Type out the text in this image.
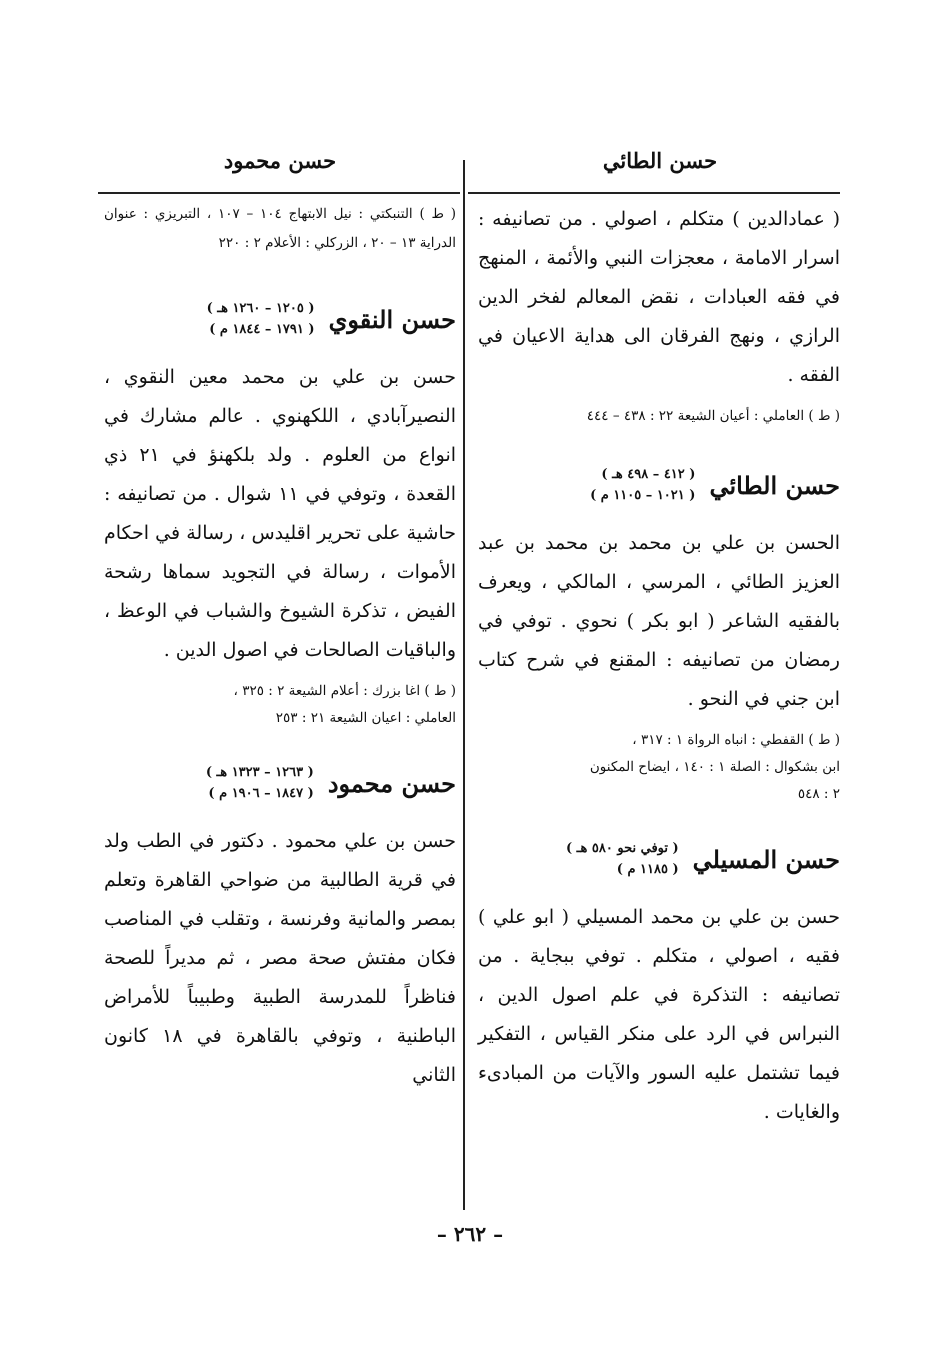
حسن الطائي
حسن محمود

( عمادالدين ) متكلم ، اصولي . من تصانيفه : اسرار الامامة ، معجزات النبي والأئمة ، المنهج في فقه العبادات ، نقض المعالم لفخر الدين الرازي ، ونهج الفرقان الى هداية الاعيان في الفقه .

( ط ) العاملي : أعيان الشيعة ٢٢ : ٤٣٨ – ٤٤٤

حسن الطائي
( ٤١٢ – ٤٩٨ هـ )
( ١٠٢١ – ١١٠٥ م )

الحسن بن علي بن محمد بن محمد بن عبد العزيز الطائي ، المرسي ، المالكي ، ويعرف بالفقيه الشاعر ( ابو بكر ) نحوي . توفي في رمضان من تصانيفه : المقنع في شرح كتاب ابن جني في النحو .

( ط ) القفطي : انباه الرواة ١ : ٣١٧ ،
ابن بشكوال : الصلة ١ : ١٤٠ ، ايضاح المكنون
٢ : ٥٤٨
حسن المسيلي
( توفي نحو ٥٨٠ هـ )
( ١١٨٥ م )

حسن بن علي بن محمد المسيلي ( ابو علي ) فقيه ، اصولي ، متكلم . توفي ببجاية . من تصانيفه : التذكرة في علم اصول الدين ، النبراس في الرد على منكر القياس ، التفكير فيما تشتمل عليه السور والآيات من المبادىء والغايات .

( ط ) التنبكتي : نيل الابتهاج ١٠٤ – ١٠٧ ، التبريزي : عنوان الدراية ١٣ – ٢٠ ، الزركلي : الأعلام ٢ : ٢٢٠

حسن النقوي
( ١٢٠٥ – ١٢٦٠ هـ )
( ١٧٩١ – ١٨٤٤ م )

حسن بن علي بن محمد معين النقوي ، النصيرآبادي ، اللكهنوي . عالم مشارك في انواع من العلوم . ولد بلكهنؤ في ٢١ ذي القعدة ، وتوفي في ١١ شوال . من تصانيفه : حاشية على تحرير اقليدس ، رسالة في احكام الأموات ، رسالة في التجويد سماها رشحة الفيض ، تذكرة الشيوخ والشباب في الوعظ ، والباقيات الصالحات في اصول الدين .

( ط ) اغا بزرك : أعلام الشيعة ٢ : ٣٢٥ ،
العاملي : اعيان الشيعة ٢١ : ٢٥٣
حسن محمود
( ١٢٦٣ – ١٣٢٣ هـ )
( ١٨٤٧ – ١٩٠٦ م )

حسن بن علي محمود . دكتور في الطب ولد في قرية الطالبية من ضواحي القاهرة وتعلم بمصر والمانية وفرنسة ، وتقلب في المناصب فكان مفتش صحة مصر ، ثم مديراً للصحة فناظراً للمدرسة الطبية وطبيباً للأمراض الباطنية ، وتوفي بالقاهرة في ١٨ كانون الثاني

– ٢٦٢ –
